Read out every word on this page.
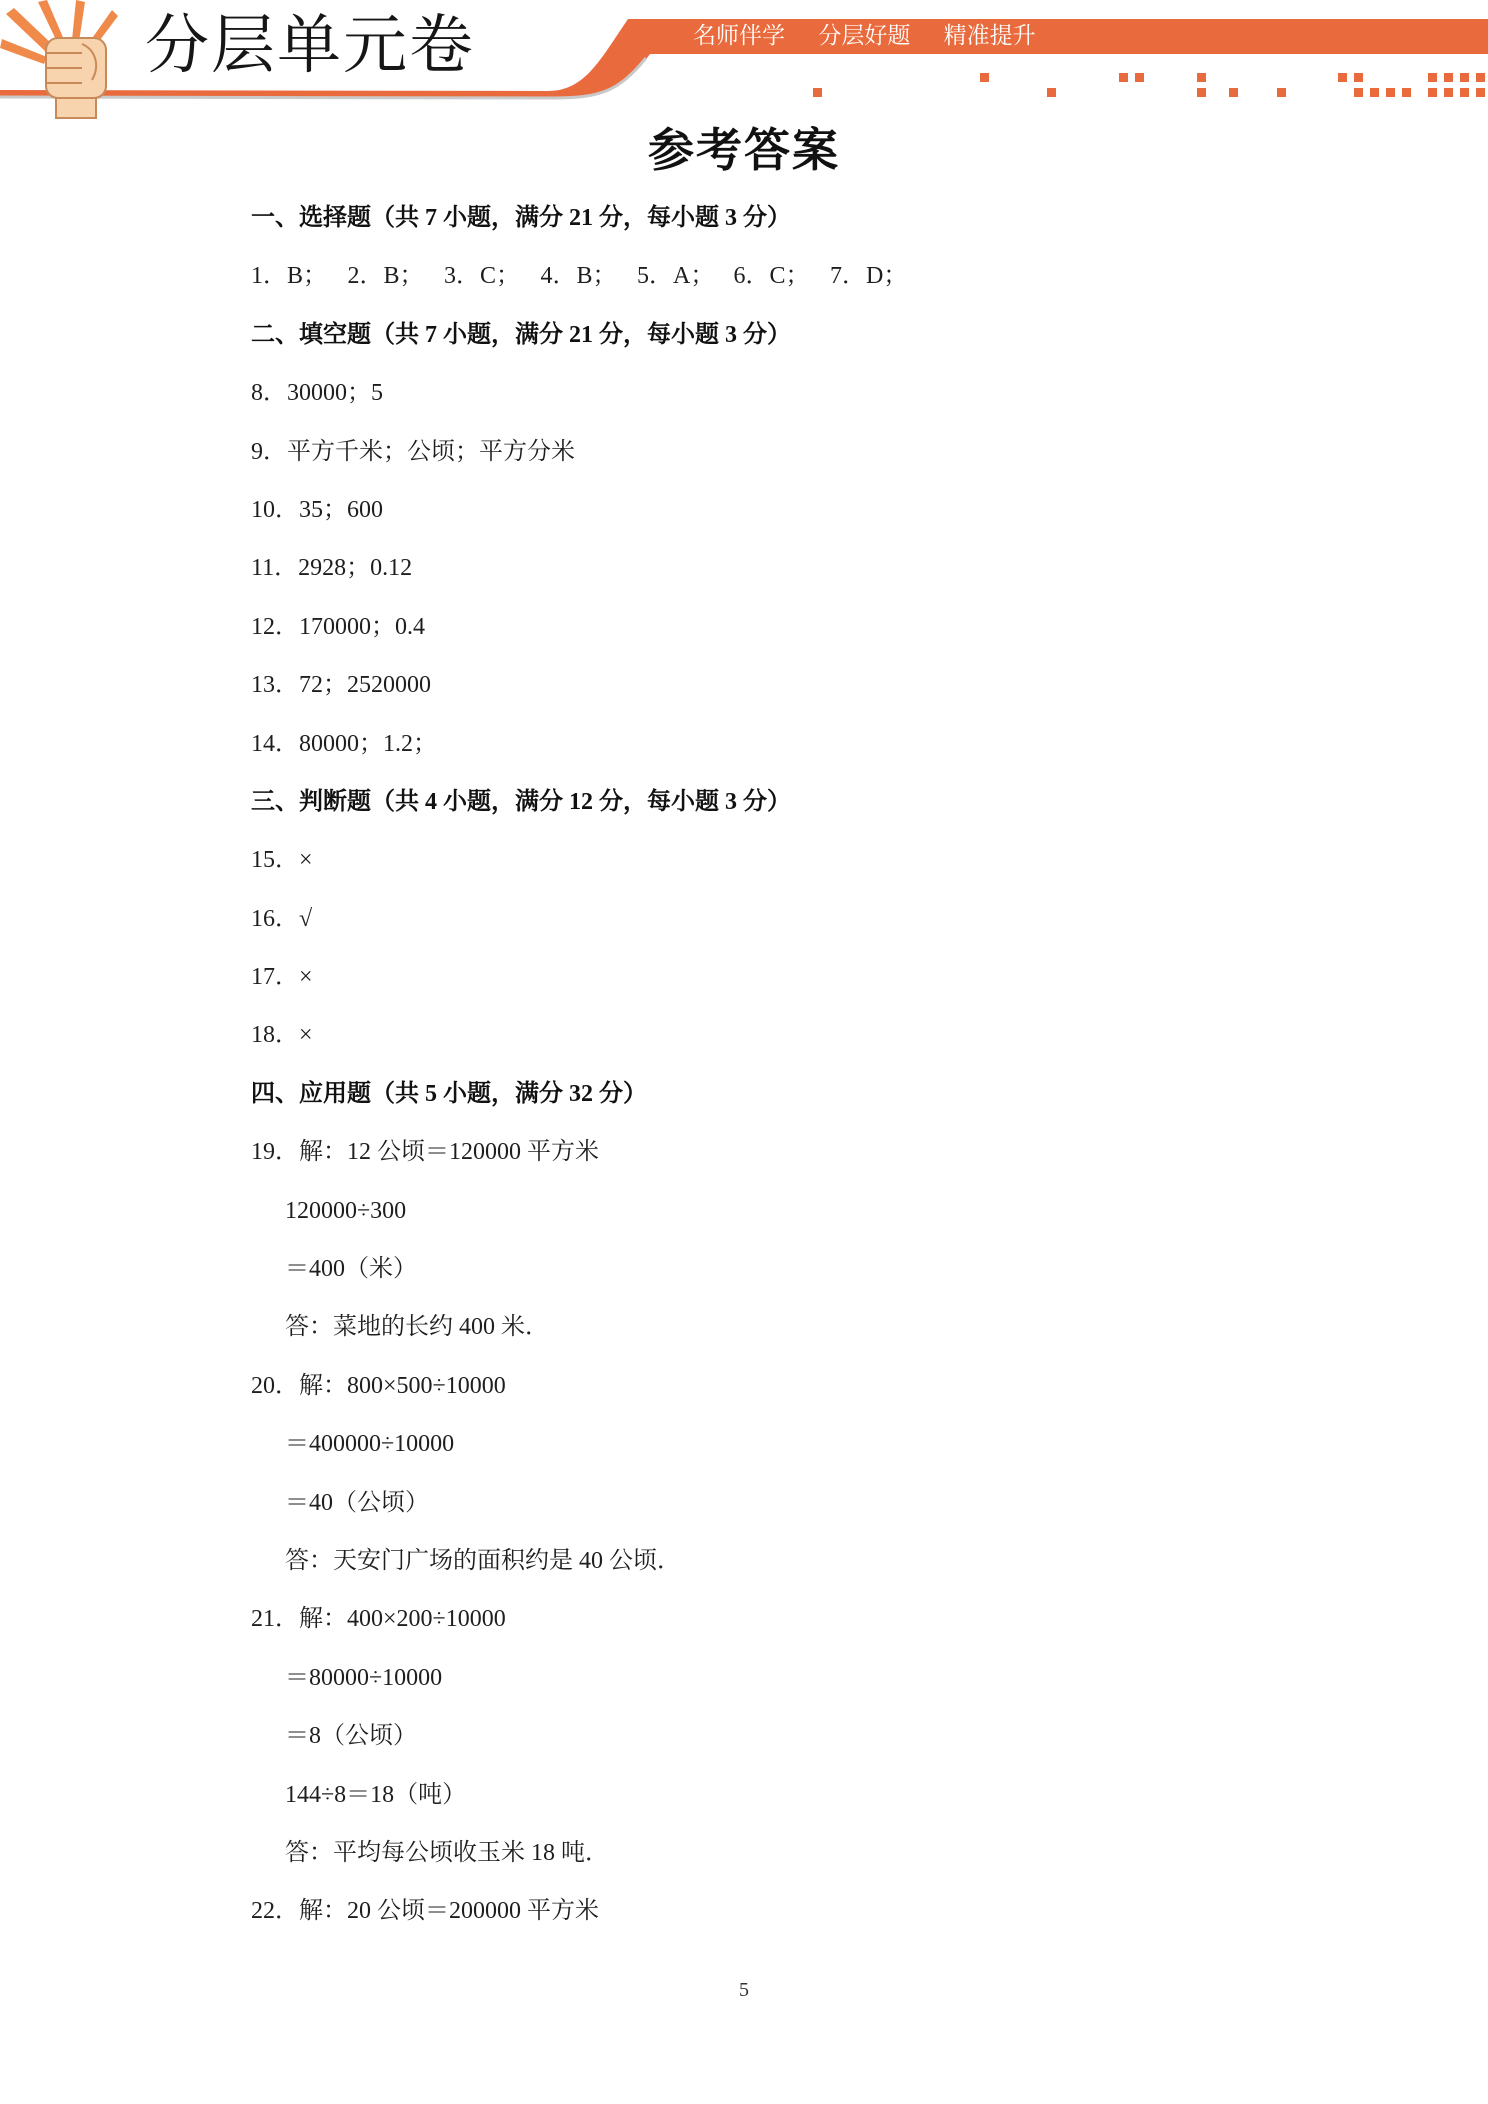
分层单元卷	名师伴学 分层好题 精准提升
参考答案
一、选择题（共 7 小题，满分 21 分，每小题 3 分）
1．B； 2．B； 3．C； 4．B； 5．A； 6．C； 7．D；
二、填空题（共 7 小题，满分 21 分，每小题 3 分）
8．30000；5
9．平方千米；公顷；平方分米
10．35；600
11．2928；0.12
12．170000；0.4
13．72；2520000
14．80000；1.2；
三、判断题（共 4 小题，满分 12 分，每小题 3 分）
15．×
16．√
17．×
18．×
四、应用题（共 5 小题，满分 32 分）
19．解：12 公顷＝120000 平方米
120000÷300
＝400（米）
答：菜地的长约 400 米．
20．解：800×500÷10000
＝400000÷10000
＝40（公顷）
答：天安门广场的面积约是 40 公顷．
21．解：400×200÷10000
＝80000÷10000
＝8（公顷）
144÷8＝18（吨）
答：平均每公顷收玉米 18 吨．
22．解：20 公顷＝200000 平方米
5
